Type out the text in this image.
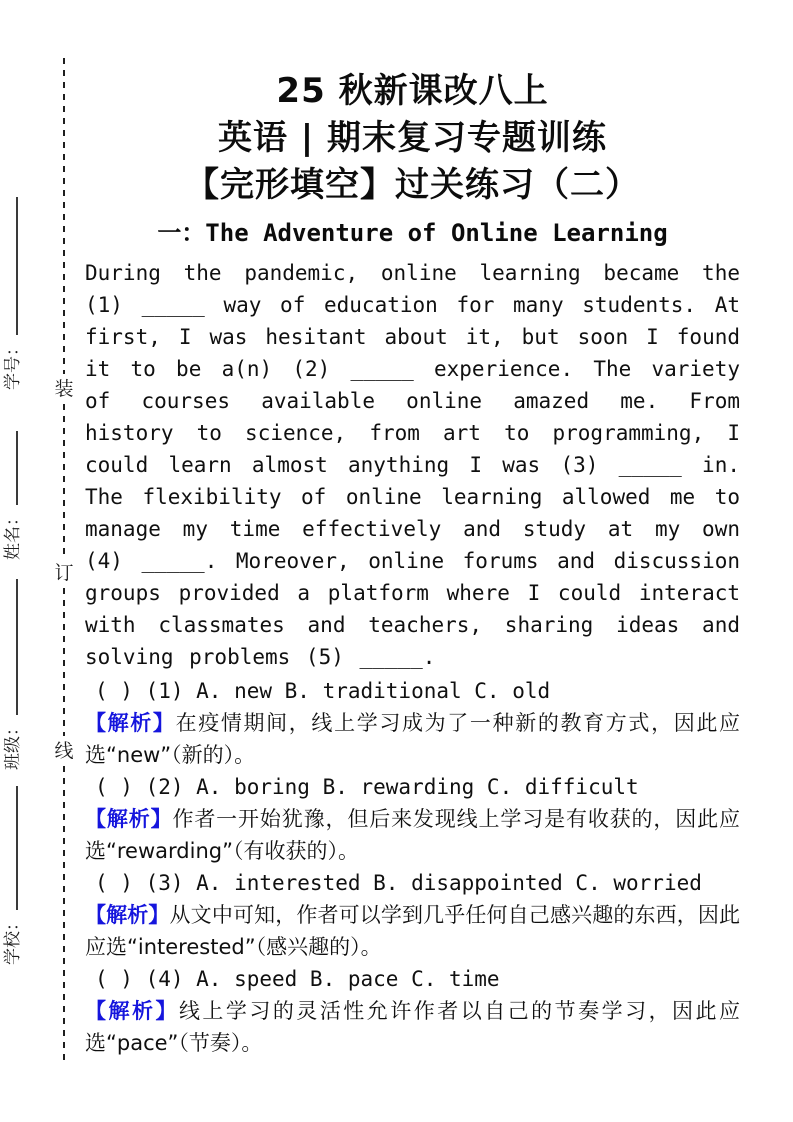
学号：
姓名：
班级：
学校：
装
订
线
25 秋新课改八上
英语 | 期末复习专题训练
【完形填空】过关练习（二）
一：The Adventure of Online Learning

During the pandemic, online learning became the (1) _____ way of education for many students. At first, I was hesitant about it, but soon I found it to be a(n) (2) _____ experience. The variety of courses available online amazed me. From history to science, from art to programming, I could learn almost anything I was (3) _____ in. The flexibility of online learning allowed me to manage my time effectively and study at my own (4) _____. Moreover, online forums and discussion groups provided a platform where I could interact with classmates and teachers, sharing ideas and solving problems (5) _____.

( ) (1) A. new B. traditional C. old

【解析】在疫情期间，线上学习成为了一种新的教育方式，因此应选“new”（新的）。

( ) (2) A. boring B. rewarding C. difficult

【解析】作者一开始犹豫，但后来发现线上学习是有收获的，因此应选“rewarding”（有收获的）。

( ) (3) A. interested B. disappointed C. worried

【解析】从文中可知，作者可以学到几乎任何自己感兴趣的东西，因此应选“interested”（感兴趣的）。

( ) (4) A. speed B. pace C. time

【解析】线上学习的灵活性允许作者以自己的节奏学习，因此应选“pace”（节奏）。
